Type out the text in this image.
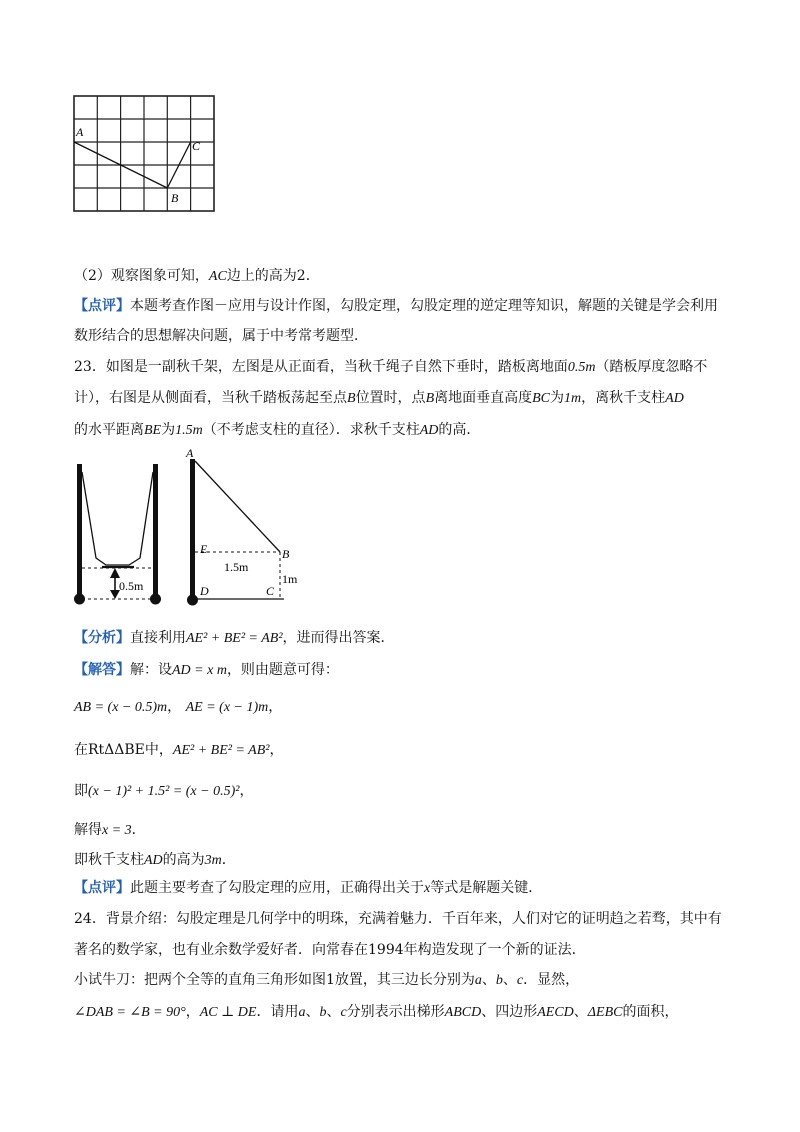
A
C
B
（2）观察图象可知，AC边上的高为2．
【点评】本题考查作图－应用与设计作图，勾股定理，勾股定理的逆定理等知识，解题的关键是学会利用
数形结合的思想解决问题，属于中考常考题型．
23．如图是一副秋千架，左图是从正面看，当秋千绳子自然下垂时，踏板离地面0.5m（踏板厚度忽略不
计），右图是从侧面看，当秋千踏板荡起至点B位置时，点B离地面垂直高度BC为1m，离秋千支柱AD
的水平距离BE为1.5m（不考虑支柱的直径）．求秋千支柱AD的高．
0.5m
A
E	B
D	C
1.5m
1m
【分析】直接利用AE² + BE² = AB²，进而得出答案．
【解答】解：设AD = x m，则由题意可得：
AB = (x − 0.5)m， AE = (x − 1)m，
在RtΔΔBE中，AE² + BE² = AB²，
即(x − 1)² + 1.5² = (x − 0.5)²，
解得x = 3．
即秋千支柱AD的高为3m．
【点评】此题主要考查了勾股定理的应用，正确得出关于x等式是解题关键．
24．背景介绍：勾股定理是几何学中的明珠，充满着魅力．千百年来，人们对它的证明趋之若骛，其中有
著名的数学家，也有业余数学爱好者．向常春在1994年构造发现了一个新的证法．
小试牛刀：把两个全等的直角三角形如图1放置，其三边长分别为a、b、c．显然，
∠DAB = ∠B = 90°，AC ⊥ DE．请用a、b、c分别表示出梯形ABCD、四边形AECD、ΔEBC的面积，
